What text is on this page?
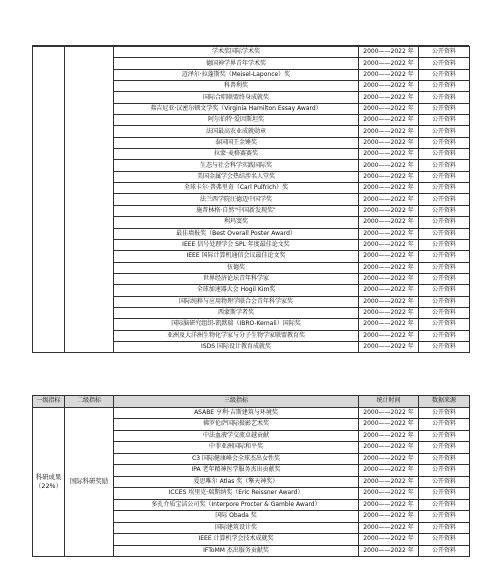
		学术奖国际学术奖	2000——2022 年	公开资料
		德国神学界青年学术奖	2000——2022 年	公开资料
		迈泽尔·拉蓬斯奖（Meisel-Laponce）奖	2000——2022 年	公开资料
		科普利奖	2000——2022 年	公开资料
		国际合唱联盟终身成就奖	2000——2022 年	公开资料
		弗吉尼亚·汉密尔顿文学奖（Virginia Hamilton Essay Award）	2000——2022 年	公开资料
		阿尔伯特·爱因斯坦奖	2000——2022 年	公开资料
		法国最高农业成就勋章	2000——2022 年	公开资料
		泰国国王金锤奖	2000——2022 年	公开资料
		拉蒙·麦格赛赛奖	2000——2022 年	公开资料
		生态与社会科学实践国际奖	2000——2022 年	公开资料
		美国金属学会热结涉名人堂奖	2000——2022 年	公开资料
		全球卡尔·普弗里奇（Carl Pulfrich）奖	2000——2022 年	公开资料
		法兰西学院汪德迈中国学奖	2000——2022 年	公开资料
		施普林格·自然"中国新发现奖"	2000——2022 年	公开资料
		利玛窦奖	2000——2022 年	公开资料
		最佳墙报奖（Best Overall Poster Award）	2000——2022 年	公开资料
		IEEE 信号处理学会 SPL 年度最佳论文奖	2000——2022 年	公开资料
		IEEE 国际计算机通信会议最佳论文奖	2000——2022 年	公开资料
		伍德奖	2000——2022 年	公开资料
		世界经济论坛青年科学家	2000——2022 年	公开资料
		全球加速器大会 Hogil Kim奖	2000——2022 年	公开资料
		国际纯粹与应用物理学联合会青年科学家奖	2000——2022 年	公开资料
		西蒙斯学者奖	2000——2022 年	公开资料
		国际脑研究组织-凯默瑞（IBRO-Kemali）国际奖	2000——2022 年	公开资料
		亚洲及大洋洲生物化学家与分子生物学家联盟教育奖	2000——2022 年	公开资料
		ISDS 国际设计教育成就奖	2000——2022 年	公开资料
一级指标	二级指标	三级指标	统计时间	数据来源
科研成果（22%）	国际科研奖励	ASABE 亨利·吉斯建筑与环境奖	2000——2022 年	公开资料
		佛罗伦萨国际摄影艺术奖	2000——2022 年	公开资料
		中法血液学交流卓越贡献	2000——2022 年	公开资料
		中菲亚洲国际和平奖	2000——2022 年	公开资料
		C3 国际健康峰会全球杰出女性奖	2000——2022 年	公开资料
		IPA 老年精神医学服务杰出贡献奖	2000——2022 年	公开资料
		爱思唯尔 Atlas 奖（擎天神奖）	2000——2022 年	公开资料
		ICCES 埃里克·瑞斯纳奖（Eric Reissner Award）	2000——2022 年	公开资料
		多孔介质宝洁公司奖（Interpore Procter & Gamble Award）	2000——2022 年	公开资料
		国际 Obada 奖	2000——2022 年	公开资料
		国际建筑设计奖	2000——2022 年	公开资料
		IEEE 计算机学会技术成就奖	2000——2022 年	公开资料
		IFToMM 杰出服务贡献奖	2000——2022 年	公开资料
